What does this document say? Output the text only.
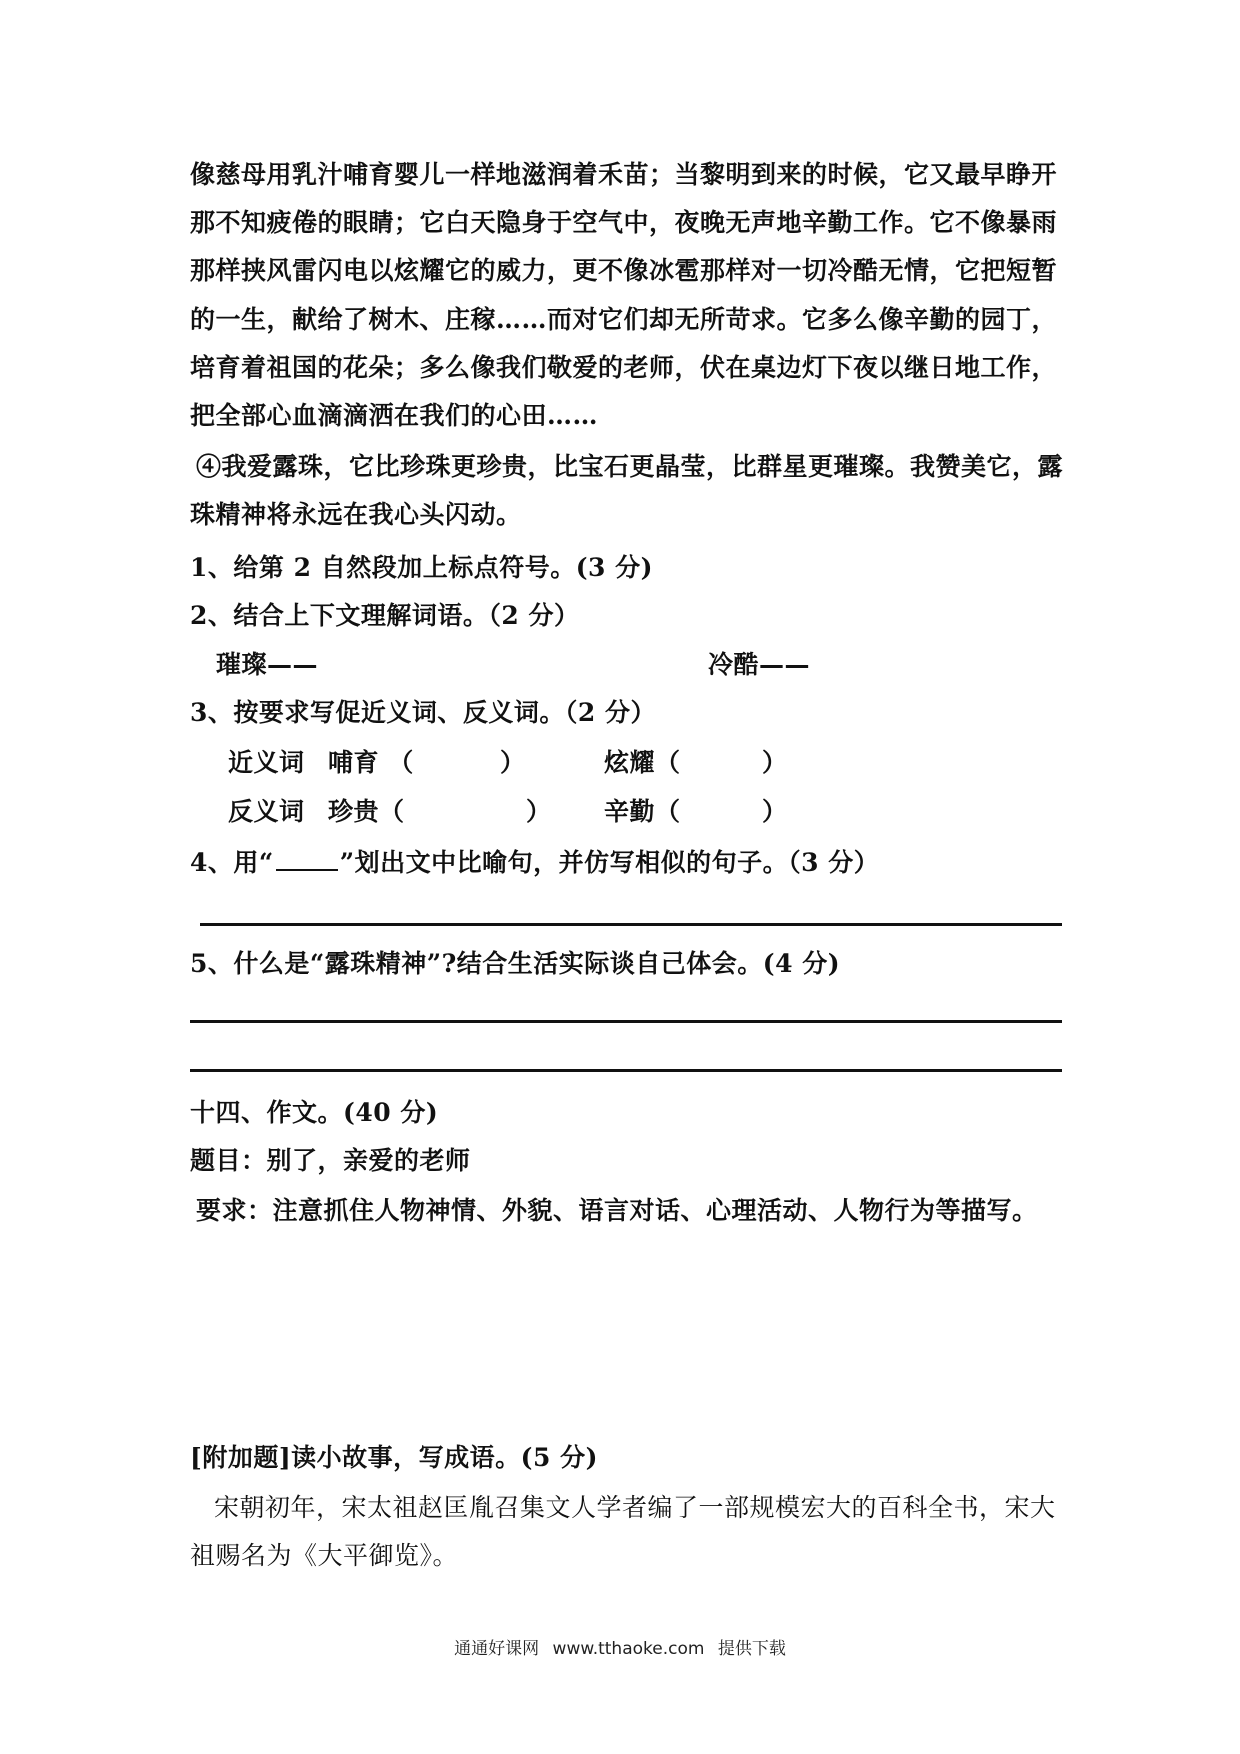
像慈母用乳汁哺育婴儿一样地滋润着禾苗；当黎明到来的时候，它又最早睁开
那不知疲倦的眼睛；它白天隐身于空气中，夜晚无声地辛勤工作。它不像暴雨
那样挟风雷闪电以炫耀它的威力，更不像冰雹那样对一切冷酷无情，它把短暂
的一生，献给了树木、庄稼……而对它们却无所苛求。它多么像辛勤的园丁，
培育着祖国的花朵；多么像我们敬爱的老师，伏在桌边灯下夜以继日地工作，
把全部心血滴滴洒在我们的心田……
④我爱露珠，它比珍珠更珍贵，比宝石更晶莹，比群星更璀璨。我赞美它，露
珠精神将永远在我心头闪动。
1、给第 2 自然段加上标点符号。(3 分)
2、结合上下文理解词语。（2 分）
璀璨——	冷酷——
3、按要求写促近义词、反义词。（2 分）
近义词 哺育 （	）	炫耀（	）
反义词 珍贵（	） 辛勤（	）
4、用“	”划出文中比喻句，并仿写相似的句子。（3 分）
5、什么是“露珠精神”?结合生活实际谈自己体会。(4 分)
十四、作文。(40 分)
题目：别了，亲爱的老师
要求：注意抓住人物神情、外貌、语言对话、心理活动、人物行为等描写。
[附加题]读小故事，写成语。(5 分)
宋朝初年，宋太祖赵匡胤召集文人学者编了一部规模宏大的百科全书，宋大
祖赐名为《大平御览》。
通通好课网 www.tthaoke.com 提供下载
